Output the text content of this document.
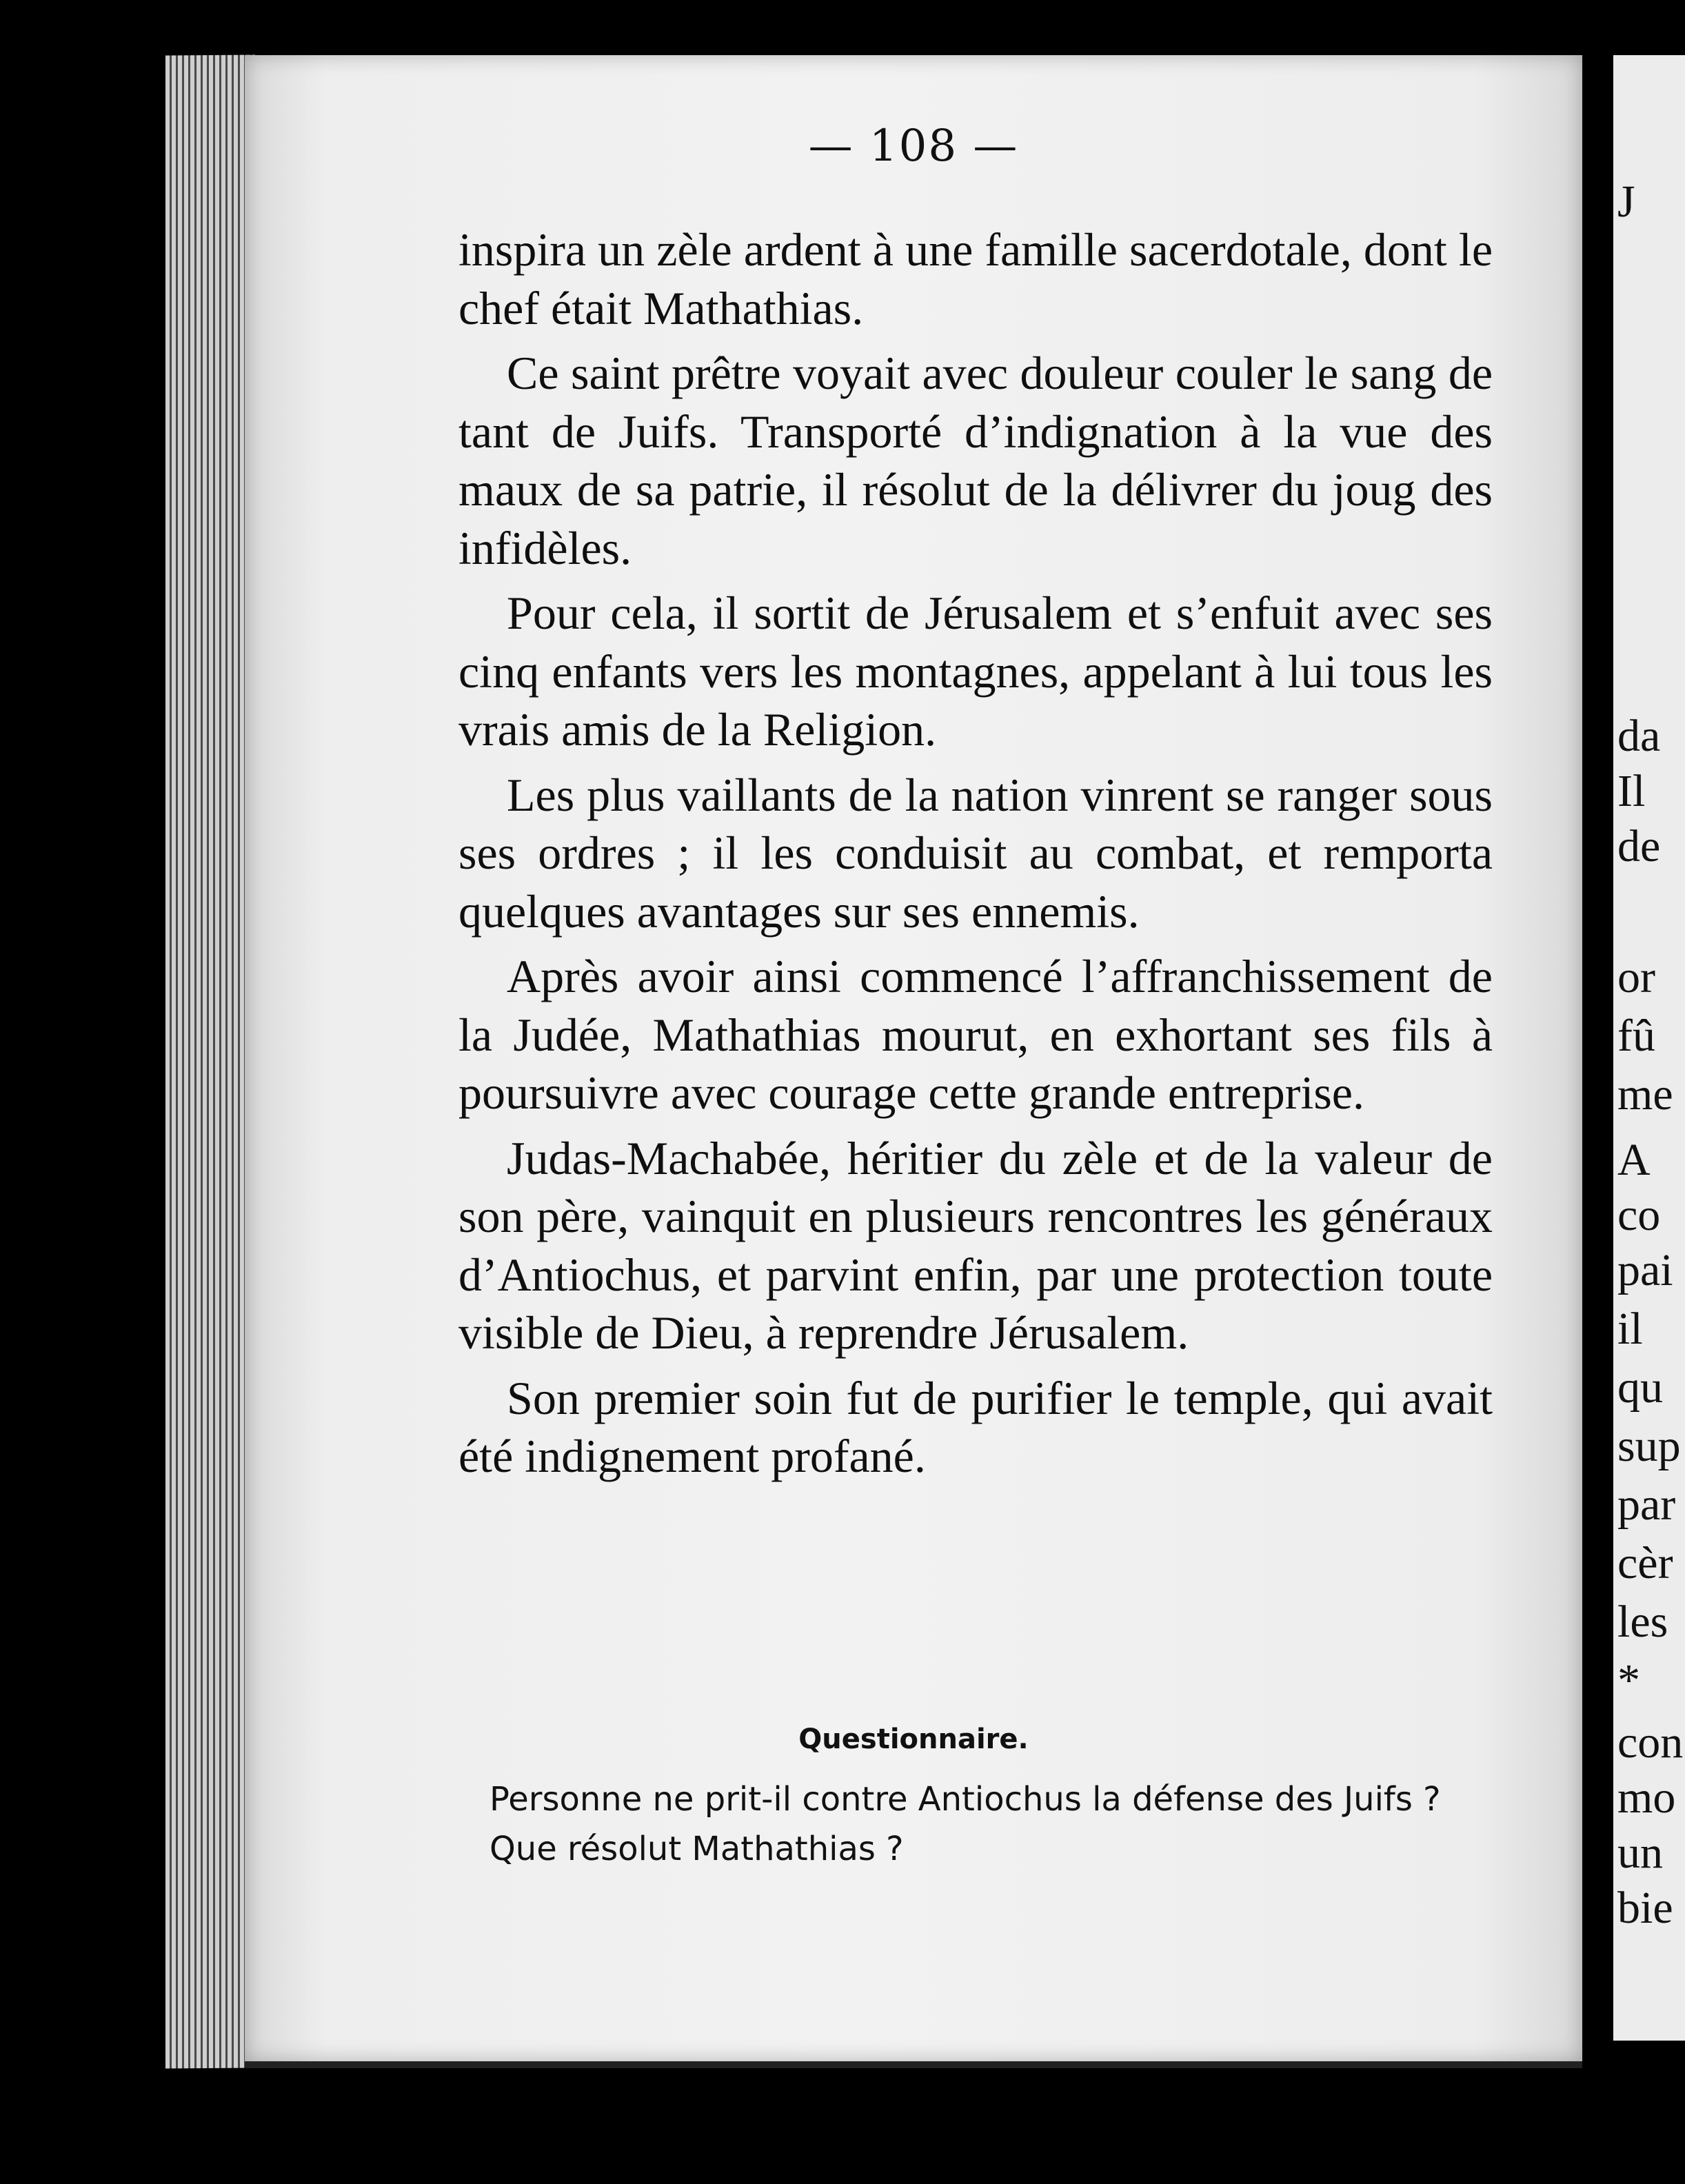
— 108 —

inspira un zèle ardent à une famille sacerdotale, dont le chef était Mathathias.

Ce saint prêtre voyait avec douleur couler le sang de tant de Juifs. Transporté d’indignation à la vue des maux de sa patrie, il résolut de la délivrer du joug des infidèles.

Pour cela, il sortit de Jérusalem et s’enfuit avec ses cinq enfants vers les montagnes, appelant à lui tous les vrais amis de la Religion.

Les plus vaillants de la nation vinrent se ranger sous ses ordres ; il les conduisit au combat, et remporta quelques avantages sur ses ennemis.

Après avoir ainsi commencé l’affranchissement de la Judée, Mathathias mourut, en exhortant ses fils à poursuivre avec courage cette grande entreprise.

Judas-Machabée, héritier du zèle et de la valeur de son père, vainquit en plusieurs rencontres les généraux d’Antiochus, et parvint enfin, par une protection toute visible de Dieu, à reprendre Jérusalem.

Son premier soin fut de purifier le temple, qui avait été indignement profané.

Questionnaire.

Personne ne prit-il contre Antiochus la défense des Juifs ?

Que résolut Mathathias ?

J
da
Il
de
or
fû
me
A
co
pai
il
qu
sup
par
cèr
les
*
con
mo
un
bie
